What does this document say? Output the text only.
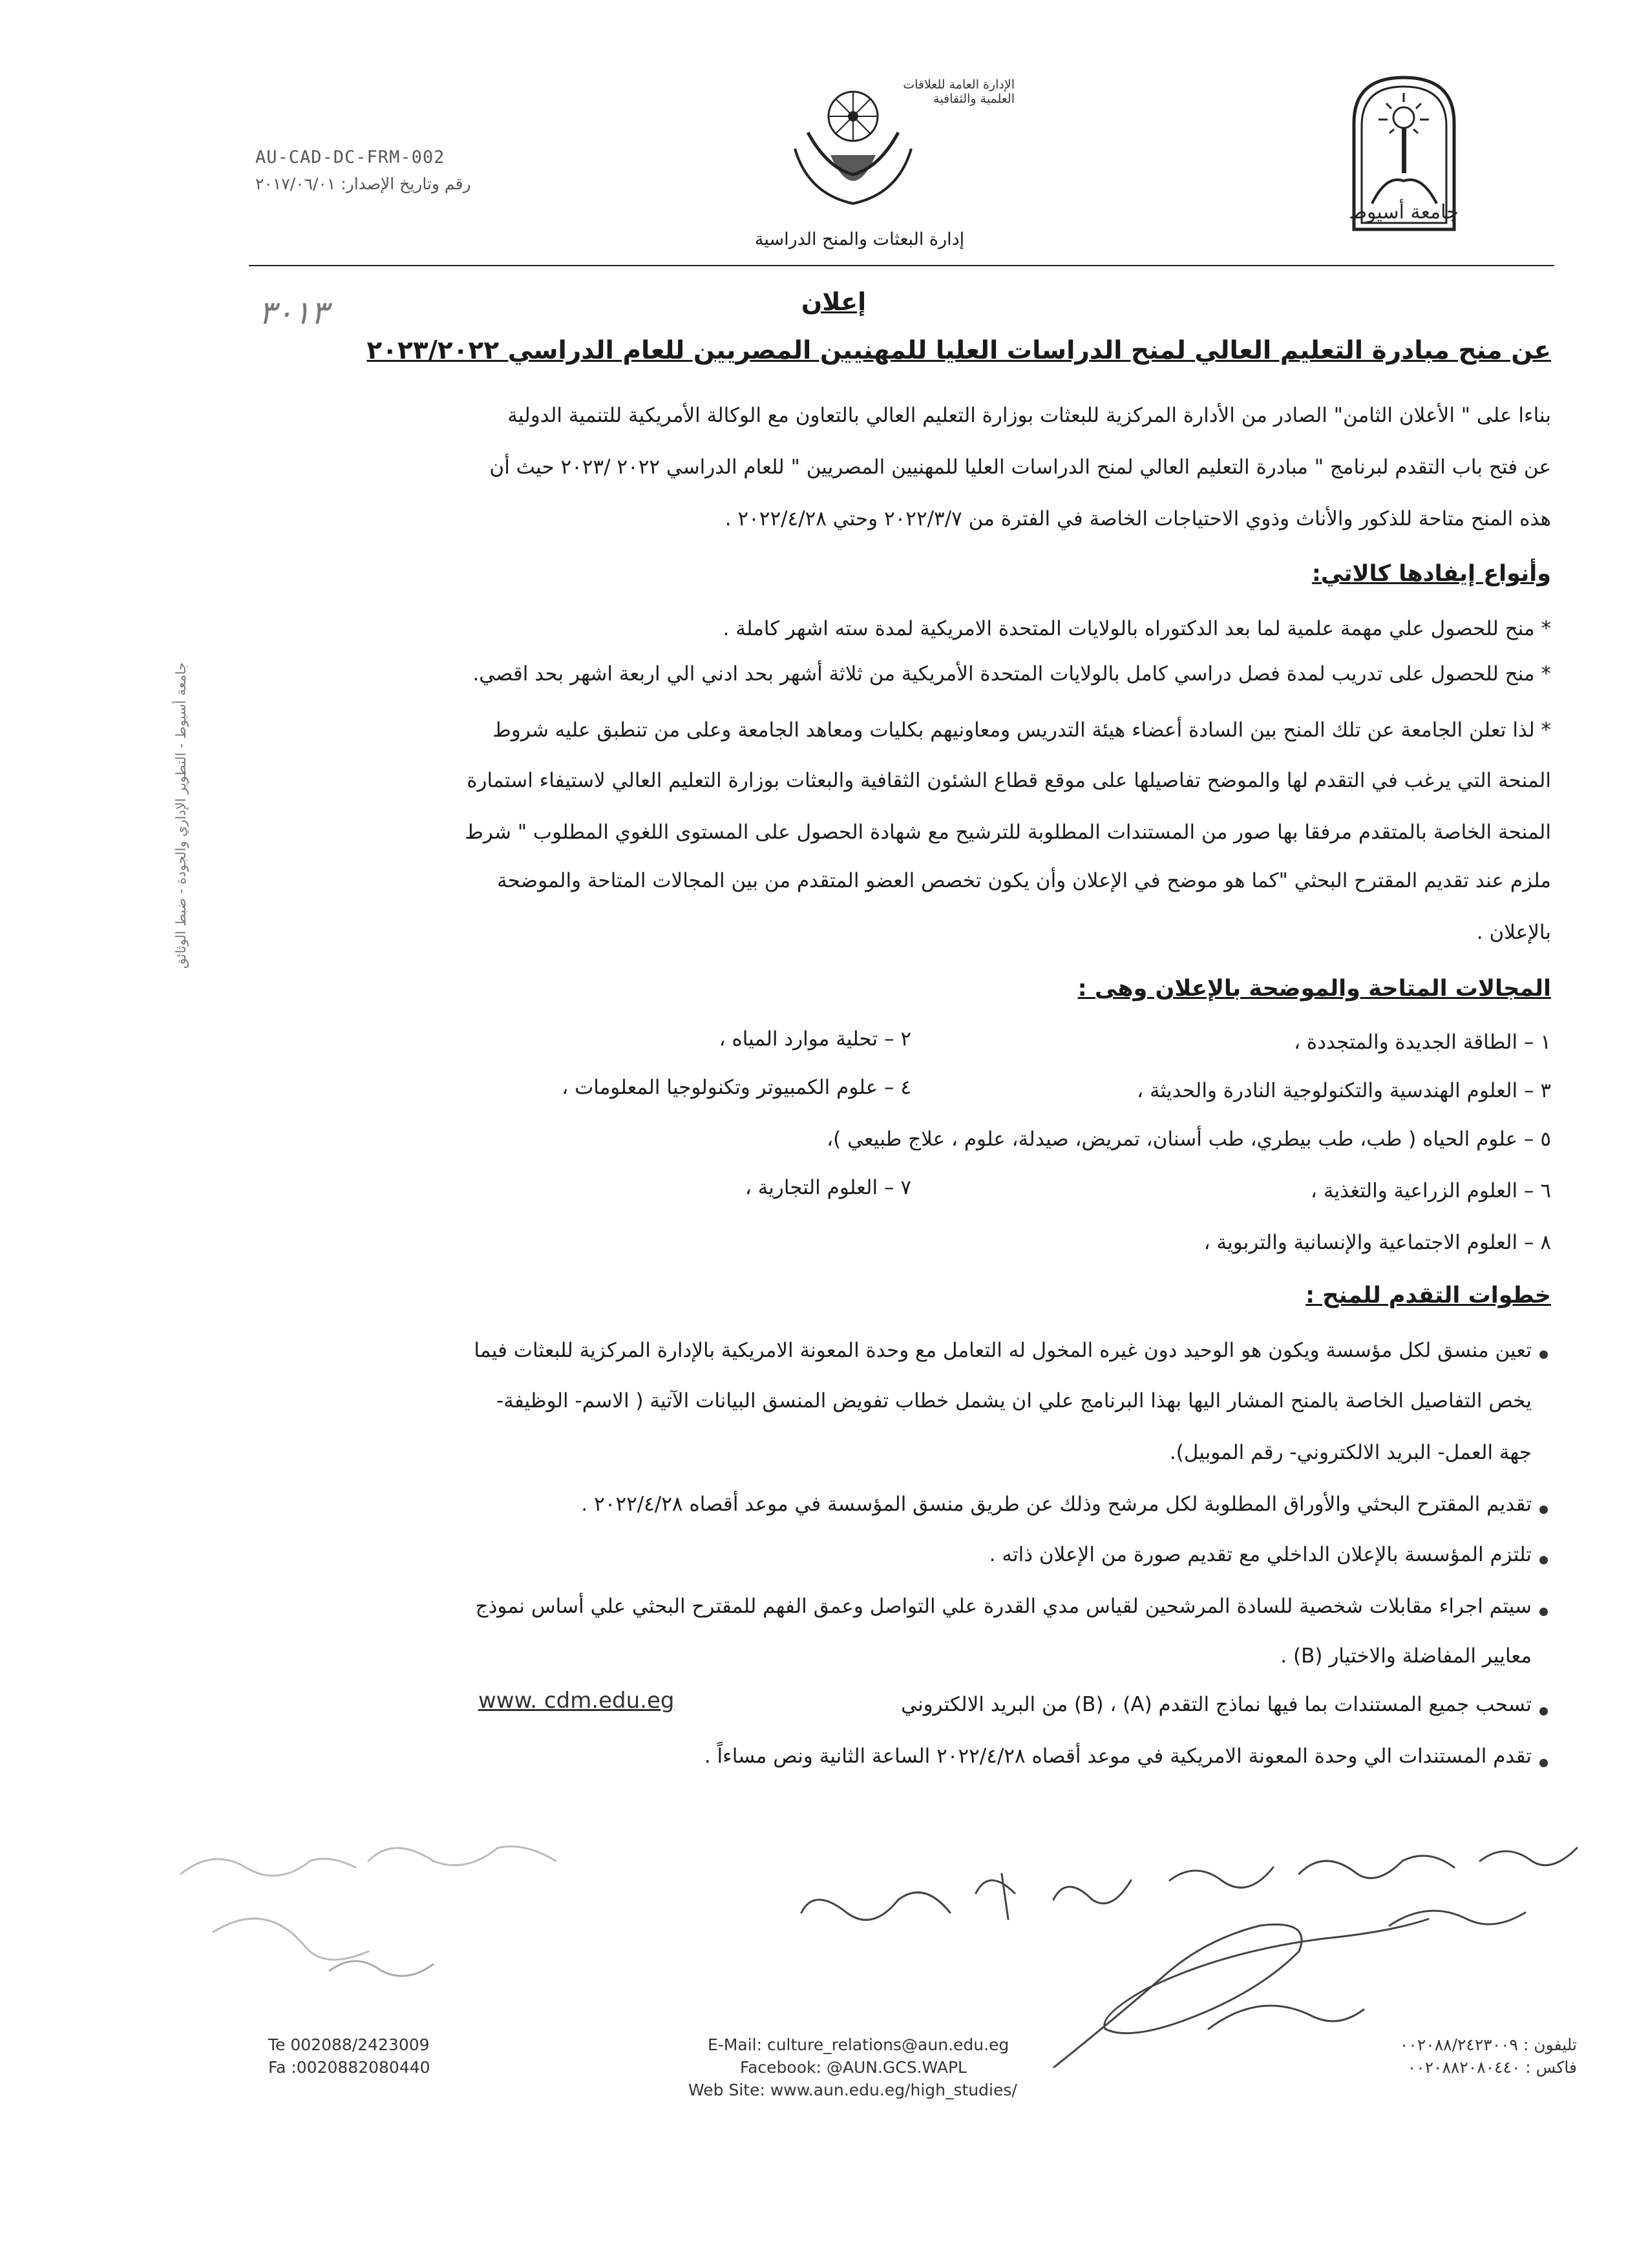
جامعة أسيوط
الإدارة العامة للعلاقات العلمية والثقافية
إدارة البعثات والمنح الدراسية
AU-CAD-DC-FRM-002
رقم وتاريخ الإصدار: ٢٠١٧/٠٦/٠١
٣٠١٣	إعلان
عن منح مبادرة التعليم العالي لمنح الدراسات العليا للمهنيين المصريين للعام الدراسي ٢٠٢٣/٢٠٢٢
بناءا على " الأعلان الثامن" الصادر من الأدارة المركزية للبعثات بوزارة التعليم العالي بالتعاون مع الوكالة الأمريكية للتنمية الدولية
عن فتح باب التقدم لبرنامج " مبادرة التعليم العالي لمنح الدراسات العليا للمهنيين المصريين " للعام الدراسي ٢٠٢٢ /٢٠٢٣ حيث أن
هذه المنح متاحة للذكور والأناث وذوي الاحتياجات الخاصة في الفترة من ٢٠٢٢/٣/٧ وحتي ٢٠٢٢/٤/٢٨ .
وأنواع إيفادها كالاتي:
* منح للحصول علي مهمة علمية لما بعد الدكتوراه بالولايات المتحدة الامريكية لمدة سته اشهر كاملة .
* منح للحصول على تدريب لمدة فصل دراسي كامل بالولايات المتحدة الأمريكية من ثلاثة أشهر بحد ادني الي اربعة اشهر بحد اقصي.
* لذا تعلن الجامعة عن تلك المنح بين السادة أعضاء هيئة التدريس ومعاونيهم بكليات ومعاهد الجامعة وعلى من تنطبق عليه شروط
المنحة التي يرغب في التقدم لها والموضح تفاصيلها على موقع قطاع الشئون الثقافية والبعثات بوزارة التعليم العالي لاستيفاء استمارة
المنحة الخاصة بالمتقدم مرفقا بها صور من المستندات المطلوبة للترشيح مع شهادة الحصول على المستوى اللغوي المطلوب " شرط
ملزم عند تقديم المقترح البحثي "كما هو موضح في الإعلان وأن يكون تخصص العضو المتقدم من بين المجالات المتاحة والموضحة
بالإعلان .
جامعة أسيوط - التطوير الإداري والجودة - ضبط الوثائق
المجالات المتاحة والموضحة بالإعلان وهى :
١ – الطاقة الجديدة والمتجددة ،
٢ – تحلية موارد المياه ،
٣ – العلوم الهندسية والتكنولوجية النادرة والحديثة ،
٤ – علوم الكمبيوتر وتكنولوجيا المعلومات ،
٥ – علوم الحياه ( طب، طب بيطري، طب أسنان، تمريض، صيدلة، علوم ، علاج طبيعي )،
٦ – العلوم الزراعية والتغذية ،
٧ – العلوم التجارية ،
٨ – العلوم الاجتماعية والإنسانية والتربوية ،
خطوات التقدم للمنح :
تعين منسق لكل مؤسسة ويكون هو الوحيد دون غيره المخول له التعامل مع وحدة المعونة الامريكية بالإدارة المركزية للبعثات فيما
يخص التفاصيل الخاصة بالمنح المشار اليها بهذا البرنامج علي ان يشمل خطاب تفويض المنسق البيانات الآتية ( الاسم- الوظيفة-
جهة العمل- البريد الالكتروني- رقم الموبيل).
تقديم المقترح البحثي والأوراق المطلوبة لكل مرشح وذلك عن طريق منسق المؤسسة في موعد أقصاه ٢٠٢٢/٤/٢٨ .
تلتزم المؤسسة بالإعلان الداخلي مع تقديم صورة من الإعلان ذاته .
سيتم اجراء مقابلات شخصية للسادة المرشحين لقياس مدي القدرة علي التواصل وعمق الفهم للمقترح البحثي علي أساس نموذج
معايير المفاضلة والاختيار (B) .
تسحب جميع المستندات بما فيها نماذج التقدم (A) ، (B) من البريد الالكتروني
www. cdm.edu.eg
تقدم المستندات الي وحدة المعونة الامريكية في موعد أقصاه ٢٠٢٢/٤/٢٨ الساعة الثانية ونص مساءاً .
Te 002088/2423009
Fa :0020882080440
E-Mail: culture_relations@aun.edu.eg
Facebook: @AUN.GCS.WAPL
Web Site: www.aun.edu.eg/high_studies/
تليفون : ٠٠٢٠٨٨/٢٤٢٣٠٠٩
فاكس : ٠٠٢٠٨٨٢٠٨٠٤٤٠
